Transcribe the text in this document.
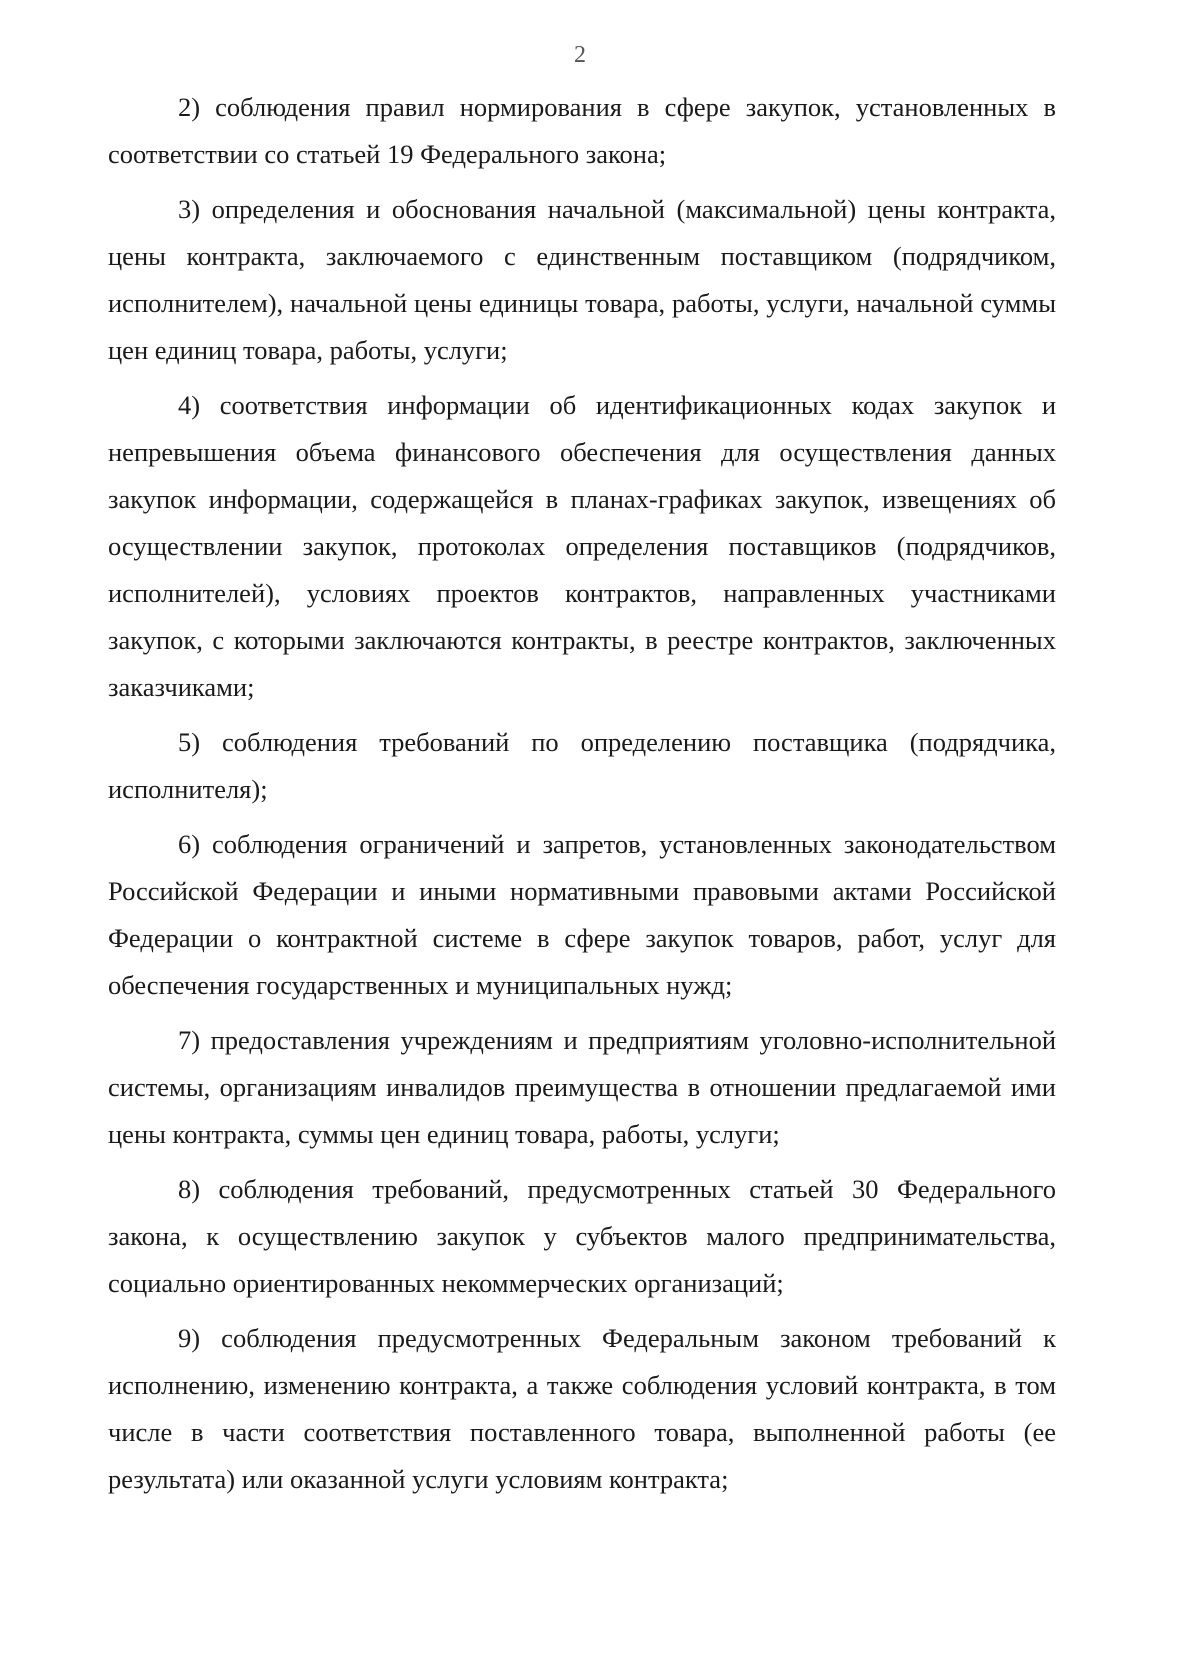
2

2) соблюдения правил нормирования в сфере закупок, установленных в соответствии со статьей 19 Федерального закона;

3) определения и обоснования начальной (максимальной) цены контракта, цены контракта, заключаемого с единственным поставщиком (подрядчиком, исполнителем), начальной цены единицы товара, работы, услуги, начальной суммы цен единиц товара, работы, услуги;

4) соответствия информации об идентификационных кодах закупок и непревышения объема финансового обеспечения для осуществления данных закупок информации, содержащейся в планах-графиках закупок, извещениях об осуществлении закупок, протоколах определения поставщиков (подрядчиков, исполнителей), условиях проектов контрактов, направленных участниками закупок, с которыми заключаются контракты, в реестре контрактов, заключенных заказчиками;

5) соблюдения требований по определению поставщика (подрядчика, исполнителя);

6) соблюдения ограничений и запретов, установленных законодательством Российской Федерации и иными нормативными правовыми актами Российской Федерации о контрактной системе в сфере закупок товаров, работ, услуг для обеспечения государственных и муниципальных нужд;

7) предоставления учреждениям и предприятиям уголовно-исполнительной системы, организациям инвалидов преимущества в отношении предлагаемой ими цены контракта, суммы цен единиц товара, работы, услуги;

8) соблюдения требований, предусмотренных статьей 30 Федерального закона, к осуществлению закупок у субъектов малого предпринимательства, социально ориентированных некоммерческих организаций;

9) соблюдения предусмотренных Федеральным законом требований к исполнению, изменению контракта, а также соблюдения условий контракта, в том числе в части соответствия поставленного товара, выполненной работы (ее результата) или оказанной услуги условиям контракта;
